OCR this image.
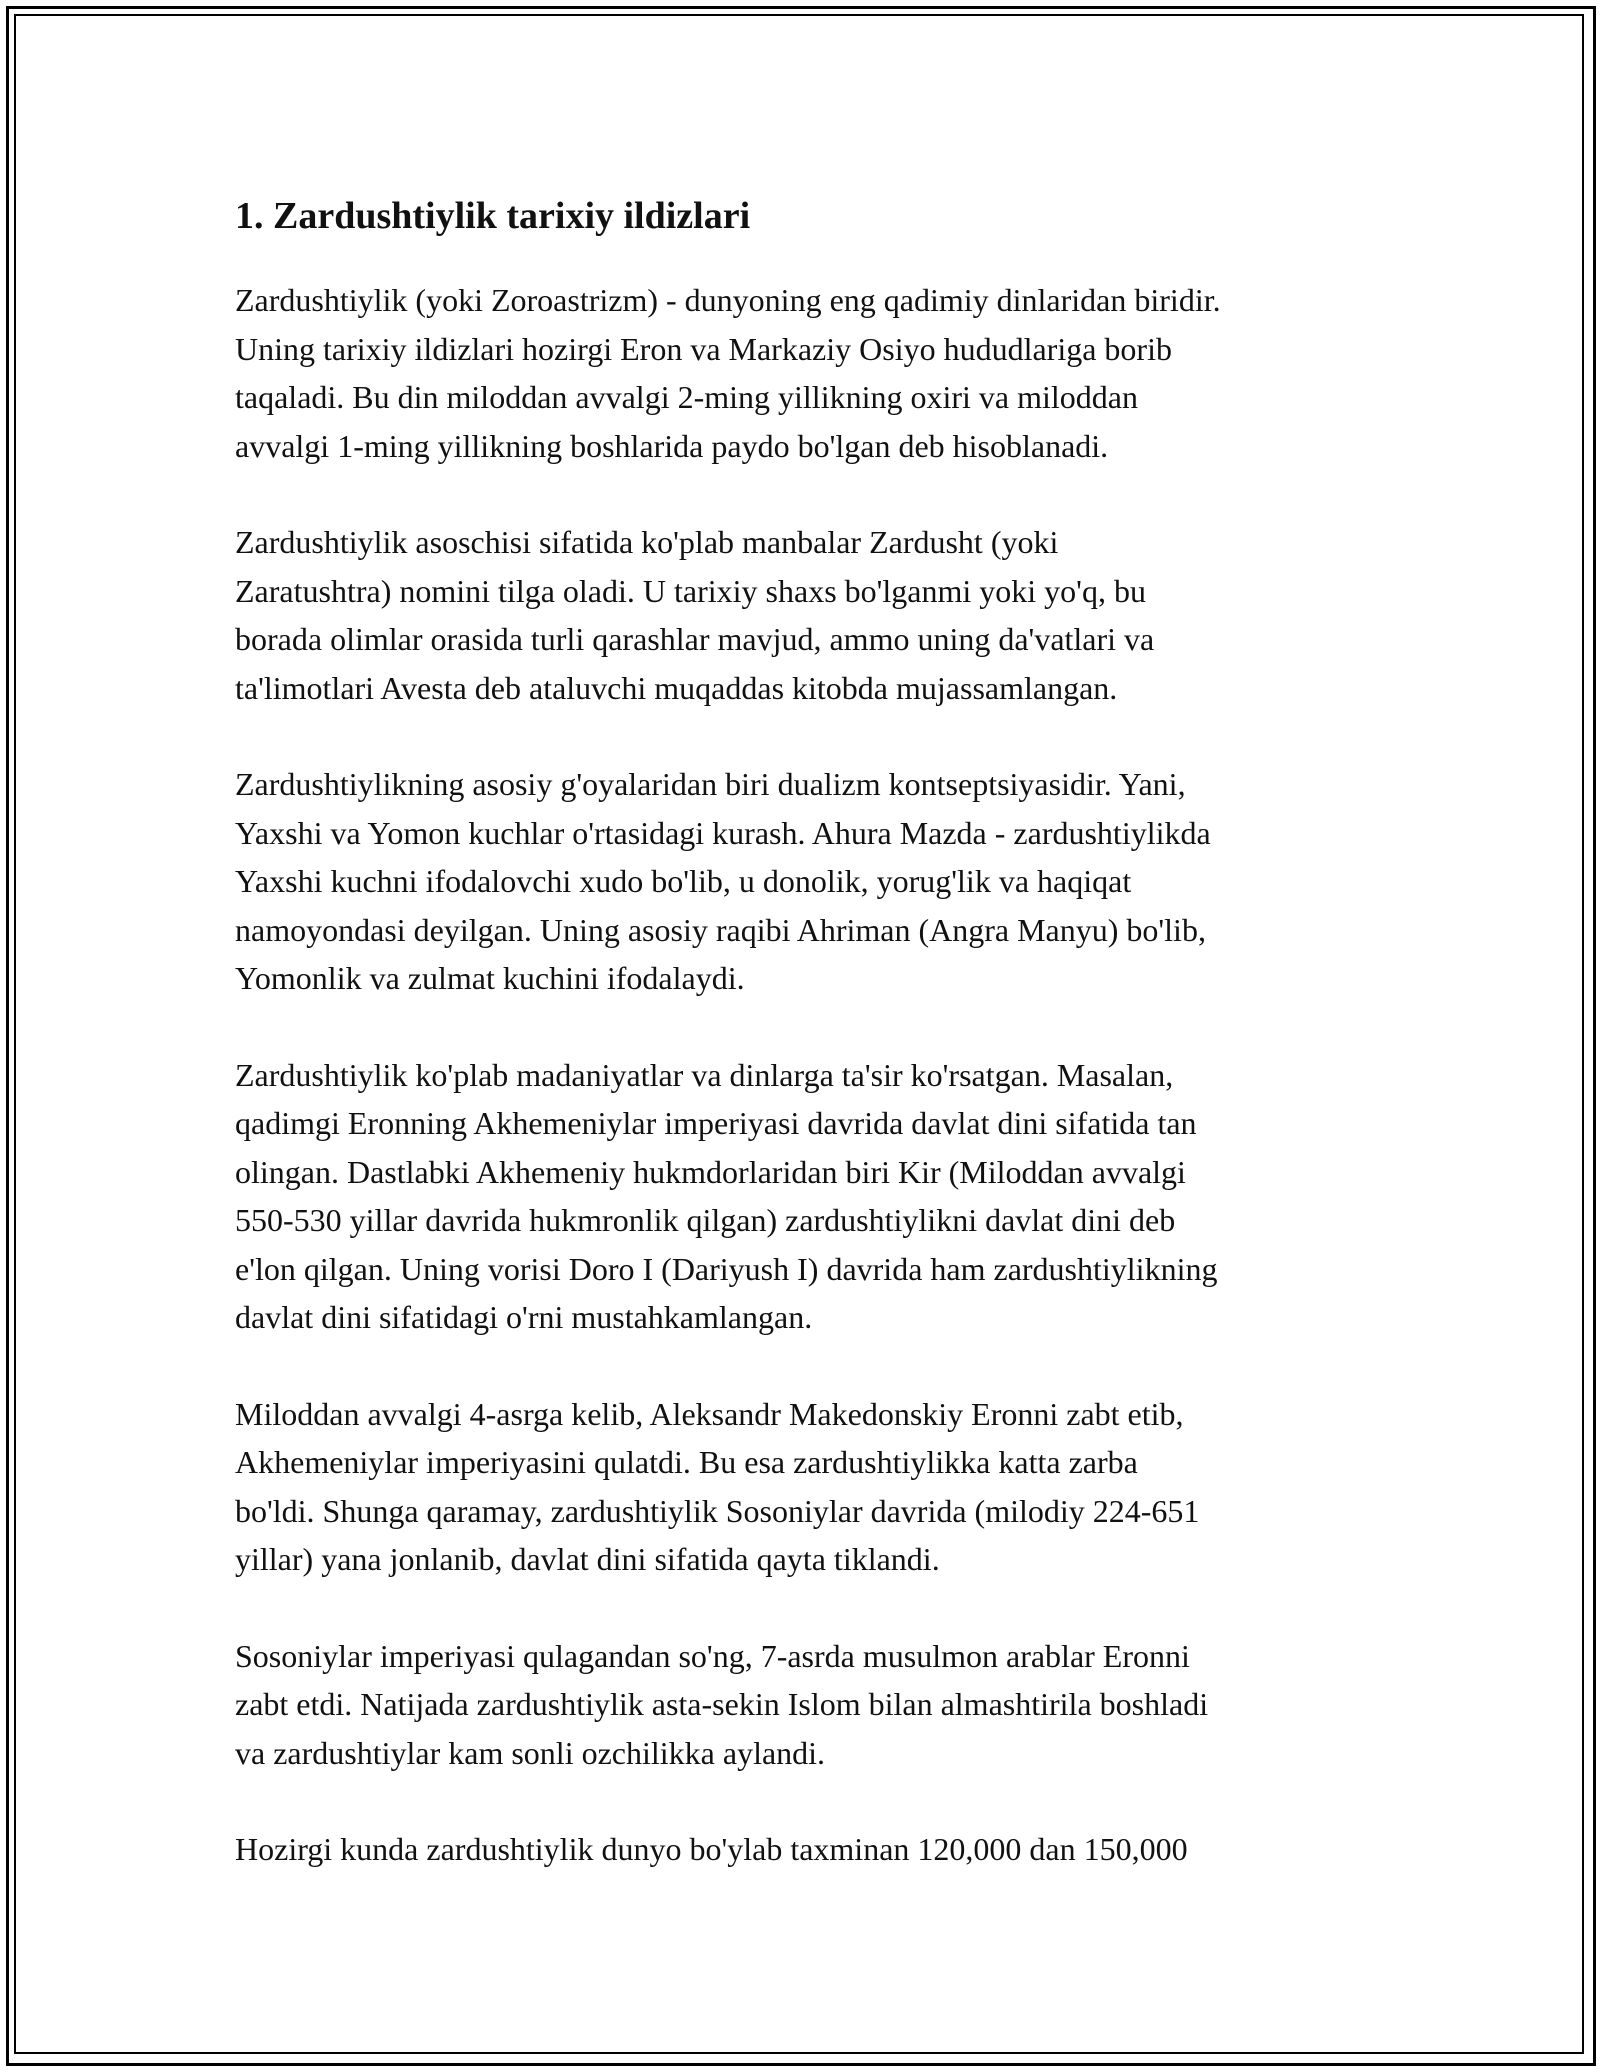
1. Zardushtiylik tarixiy ildizlari

Zardushtiylik (yoki Zoroastrizm) - dunyoning eng qadimiy dinlaridan biridir.
Uning tarixiy ildizlari hozirgi Eron va Markaziy Osiyo hududlariga borib
taqaladi. Bu din miloddan avvalgi 2-ming yillikning oxiri va miloddan
avvalgi 1-ming yillikning boshlarida paydo bo'lgan deb hisoblanadi.

Zardushtiylik asoschisi sifatida ko'plab manbalar Zardusht (yoki
Zaratushtra) nomini tilga oladi. U tarixiy shaxs bo'lganmi yoki yo'q, bu
borada olimlar orasida turli qarashlar mavjud, ammo uning da'vatlari va
ta'limotlari Avesta deb ataluvchi muqaddas kitobda mujassamlangan.

Zardushtiylikning asosiy g'oyalaridan biri dualizm kontseptsiyasidir. Yani,
Yaxshi va Yomon kuchlar o'rtasidagi kurash. Ahura Mazda - zardushtiylikda
Yaxshi kuchni ifodalovchi xudo bo'lib, u donolik, yorug'lik va haqiqat
namoyondasi deyilgan. Uning asosiy raqibi Ahriman (Angra Manyu) bo'lib,
Yomonlik va zulmat kuchini ifodalaydi.

Zardushtiylik ko'plab madaniyatlar va dinlarga ta'sir ko'rsatgan. Masalan,
qadimgi Eronning Akhemeniylar imperiyasi davrida davlat dini sifatida tan
olingan. Dastlabki Akhemeniy hukmdorlaridan biri Kir (Miloddan avvalgi
550-530 yillar davrida hukmronlik qilgan) zardushtiylikni davlat dini deb
e'lon qilgan. Uning vorisi Doro I (Dariyush I) davrida ham zardushtiylikning
davlat dini sifatidagi o'rni mustahkamlangan.

Miloddan avvalgi 4-asrga kelib, Aleksandr Makedonskiy Eronni zabt etib,
Akhemeniylar imperiyasini qulatdi. Bu esa zardushtiylikka katta zarba
bo'ldi. Shunga qaramay, zardushtiylik Sosoniylar davrida (milodiy 224-651
yillar) yana jonlanib, davlat dini sifatida qayta tiklandi.

Sosoniylar imperiyasi qulagandan so'ng, 7-asrda musulmon arablar Eronni
zabt etdi. Natijada zardushtiylik asta-sekin Islom bilan almashtirila boshladi
va zardushtiylar kam sonli ozchilikka aylandi.

Hozirgi kunda zardushtiylik dunyo bo'ylab taxminan 120,000 dan 150,000
